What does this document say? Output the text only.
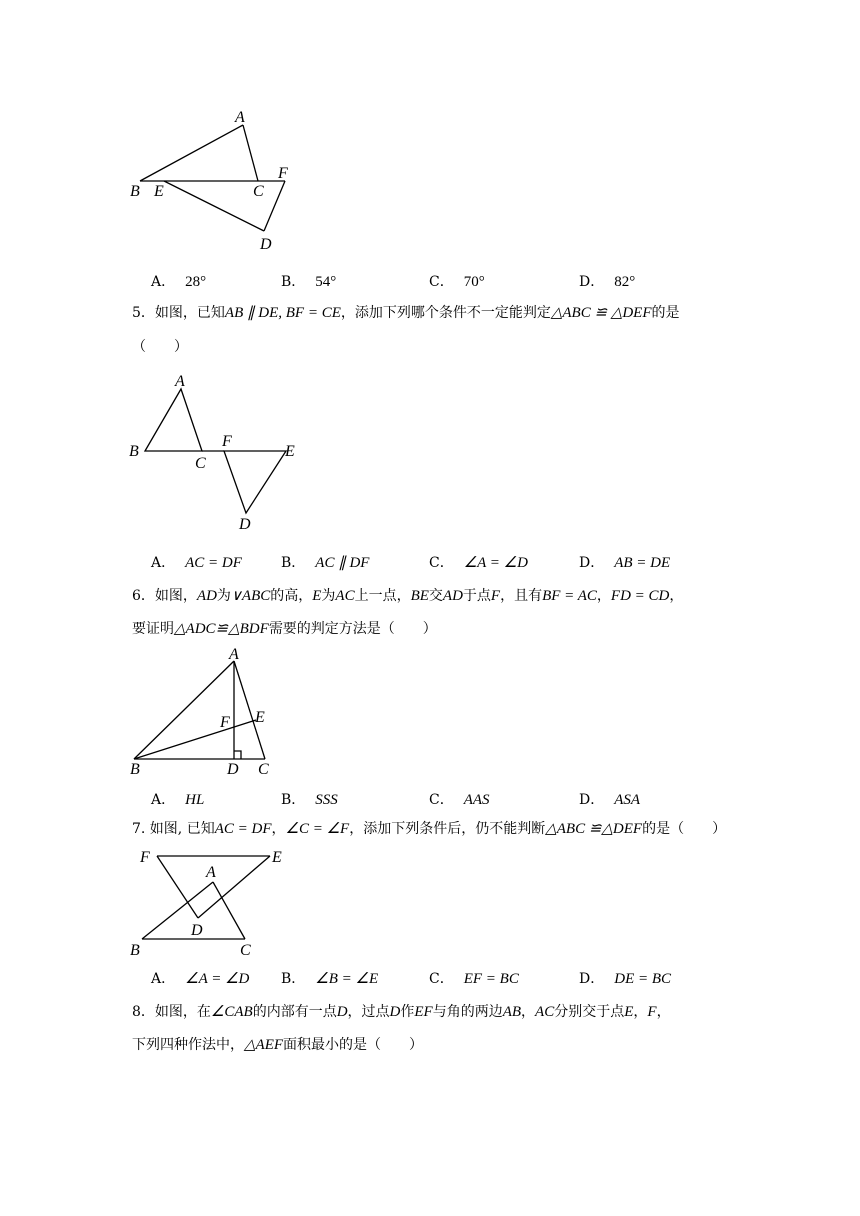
A
B E	C
F
D
A． 28°	B． 54°	C． 70°	D． 82°
5．如图，已知AB ∥ DE, BF = CE，添加下列哪个条件不一定能判定△ABC ≌ △DEF的是
（　　）
A
B
C
F
E
D
A． AC = DF	B． AC ∥ DF	C． ∠A = ∠D	D． AB = DE
6．如图，AD为∨ABC的高，E为AC上一点，BE交AD于点F，且有BF = AC，FD = CD，
要证明△ADC≌△BDF需要的判定方法是（　　）
A
F E
B	D C
A． HL	B． SSS	C． AAS	D． ASA
7. 如图, 已知AC = DF，∠C = ∠F，添加下列条件后，仍不能判断△ABC ≌△DEF的是（　　）
F	E
A
D
B	C
A． ∠A = ∠D B． ∠B = ∠E	C． EF = BC	D． DE = BC
8．如图，在∠CAB的内部有一点D，过点D作EF与角的两边AB，AC分别交于点E，F，
下列四种作法中，△AEF面积最小的是（　　）
